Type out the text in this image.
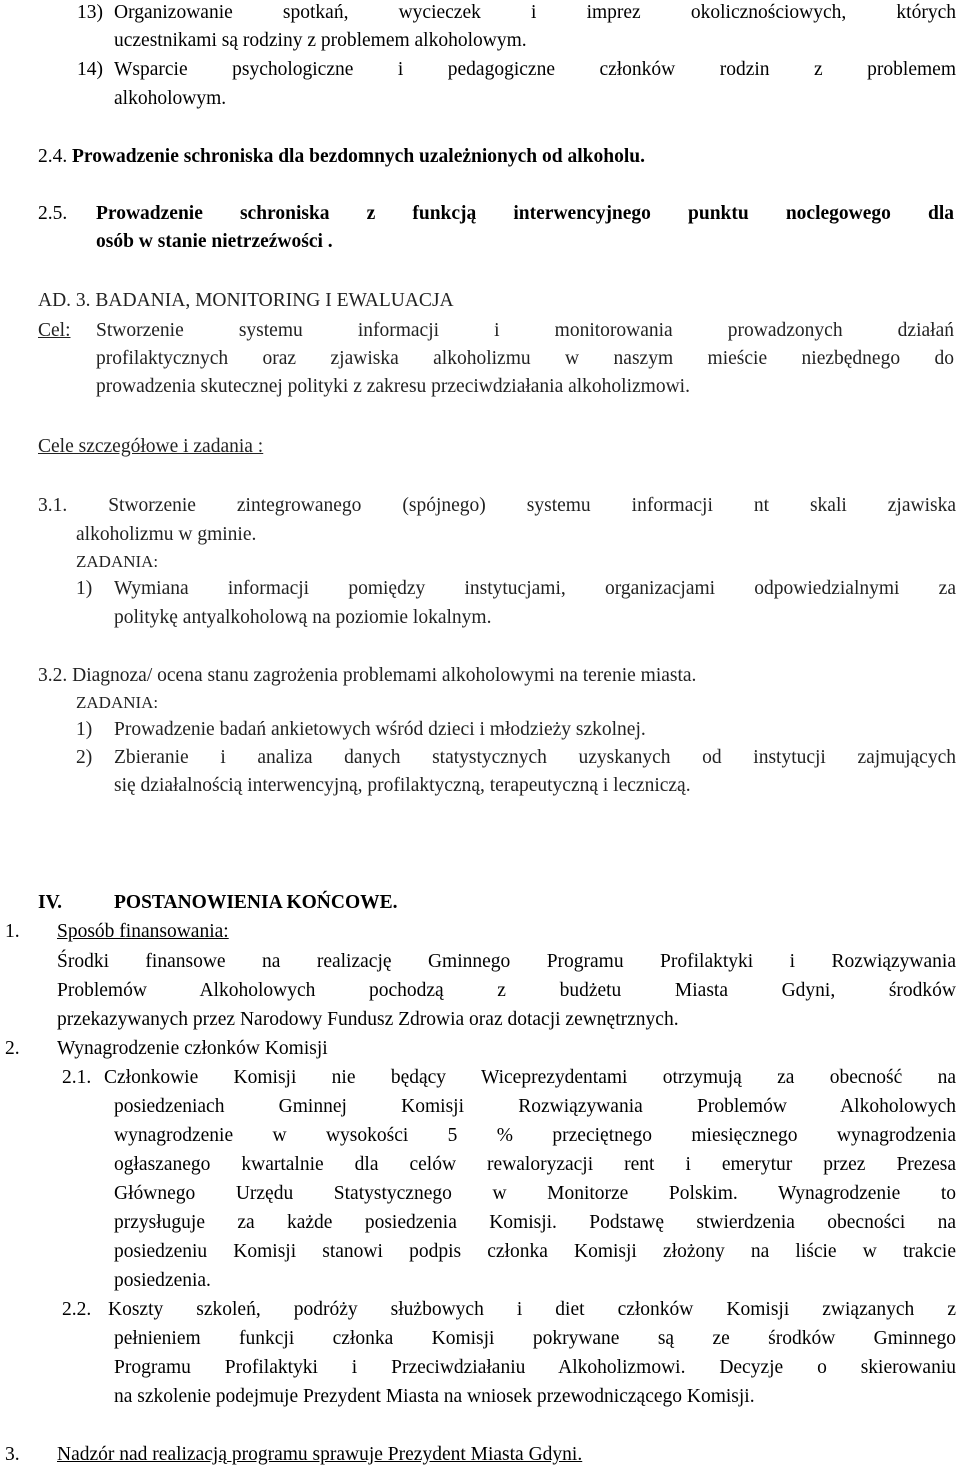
13) Organizowanie spotkań, wycieczek i imprez okolicznościowych, których
uczestnikami są rodziny z problemem alkoholowym.
14) Wsparcie psychologiczne i pedagogiczne członków rodzin z problemem
alkoholowym.
2.4. Prowadzenie schroniska dla bezdomnych uzależnionych od alkoholu.
2.5. Prowadzenie schroniska z funkcją interwencyjnego punktu noclegowego dla
osób w stanie nietrzeźwości .
AD. 3. BADANIA, MONITORING I EWALUACJA
Cel: Stworzenie systemu informacji i monitorowania prowadzonych działań
profilaktycznych oraz zjawiska alkoholizmu w naszym mieście niezbędnego do
prowadzenia skutecznej polityki z zakresu przeciwdziałania alkoholizmowi.
Cele szczegółowe i zadania :
3.1. Stworzenie zintegrowanego (spójnego) systemu informacji nt skali zjawiska
alkoholizmu w gminie.
ZADANIA:
1) Wymiana informacji pomiędzy instytucjami, organizacjami odpowiedzialnymi za
politykę antyalkoholową na poziomie lokalnym.
3.2. Diagnoza/ ocena stanu zagrożenia problemami alkoholowymi na terenie miasta.
ZADANIA:
1) Prowadzenie badań ankietowych wśród dzieci i młodzieży szkolnej.
2) Zbieranie i analiza danych statystycznych uzyskanych od instytucji zajmujących
się działalnością interwencyjną, profilaktyczną, terapeutyczną i leczniczą.
IV.	POSTANOWIENIA KOŃCOWE.
1. Sposób finansowania:
Środki finansowe na realizację Gminnego Programu Profilaktyki i Rozwiązywania
Problemów Alkoholowych pochodzą z budżetu Miasta Gdyni, środków
przekazywanych przez Narodowy Fundusz Zdrowia oraz dotacji zewnętrznych.
2. Wynagrodzenie członków Komisji
2.1. Członkowie Komisji nie będący Wiceprezydentami otrzymują za obecność na
posiedzeniach Gminnej Komisji Rozwiązywania Problemów Alkoholowych
wynagrodzenie w wysokości 5 % przeciętnego miesięcznego wynagrodzenia
ogłaszanego kwartalnie dla celów rewaloryzacji rent i emerytur przez Prezesa
Głównego Urzędu Statystycznego w Monitorze Polskim. Wynagrodzenie to
przysługuje za każde posiedzenia Komisji. Podstawę stwierdzenia obecności na
posiedzeniu Komisji stanowi podpis członka Komisji złożony na liście w trakcie
posiedzenia.
2.2. Koszty szkoleń, podróży służbowych i diet członków Komisji związanych z
pełnieniem funkcji członka Komisji pokrywane są ze środków Gminnego
Programu Profilaktyki i Przeciwdziałaniu Alkoholizmowi. Decyzje o skierowaniu
na szkolenie podejmuje Prezydent Miasta na wniosek przewodniczącego Komisji.
3. Nadzór nad realizacją programu sprawuje Prezydent Miasta Gdyni.
